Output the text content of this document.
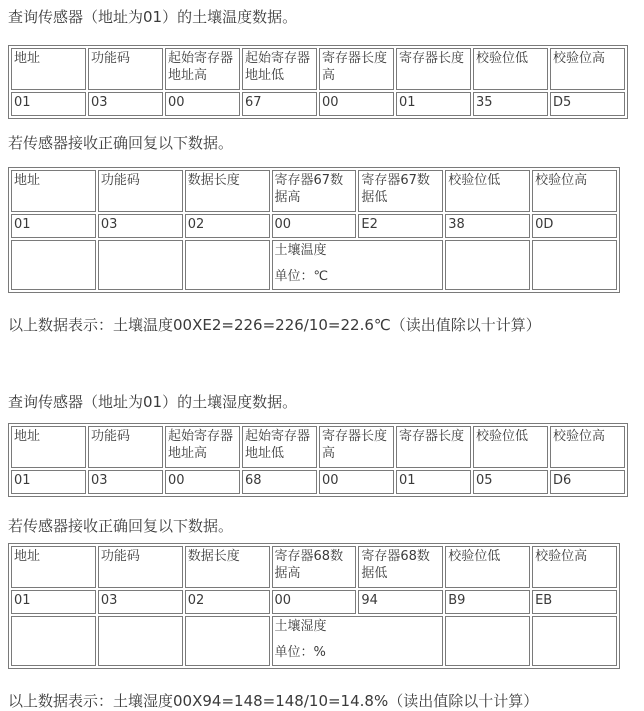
查询传感器（地址为01）的土壤温度数据。

地址	功能码	起始寄存器地址高	起始寄存器地址低	寄存器长度高	寄存器长度	校验位低	校验位高
01	03	00	67	00	01	35	D5

若传感器接收正确回复以下数据。

地址	功能码	数据长度	寄存器67数据高	寄存器67数据低	校验位低	校验位高
01	03	02	00	E2	38	0D

			土壤温度
单位：℃			

以上数据表示：土壤温度00XE2=226=226/10=22.6℃（读出值除以十计算）

查询传感器（地址为01）的土壤湿度数据。

地址	功能码	起始寄存器地址高	起始寄存器地址低	寄存器长度高	寄存器长度	校验位低	校验位高
01	03	00	68	00	01	05	D6

若传感器接收正确回复以下数据。

地址	功能码	数据长度	寄存器68数据高	寄存器68数据低	校验位低	校验位高
01	03	02	00	94	B9	EB

			土壤湿度
单位：%			

以上数据表示：土壤湿度00X94=148=148/10=14.8%（读出值除以十计算）
